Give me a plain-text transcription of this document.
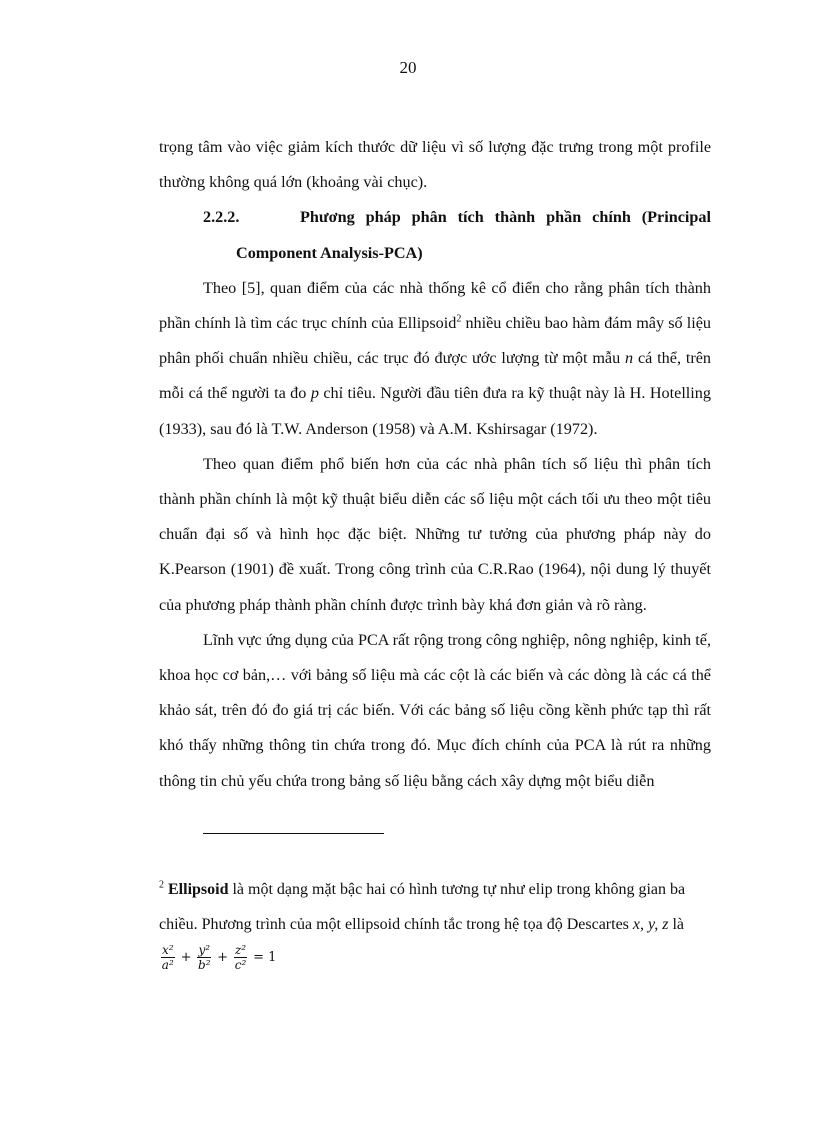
20

trọng tâm vào việc giảm kích thước dữ liệu vì số lượng đặc trưng trong một profile thường không quá lớn (khoảng vài chục).

2.2.2.	Phương pháp phân tích thành phần chính (Principal
Component Analysis-PCA)

Theo [5], quan điểm của các nhà thống kê cổ điển cho rằng phân tích thành phần chính là tìm các trục chính của Ellipsoid$^2$ nhiều chiều bao hàm đám mây số liệu phân phối chuẩn nhiều chiều, các trục đó được ước lượng từ một mẫu n cá thể, trên mỗi cá thể người ta đo p chỉ tiêu. Người đầu tiên đưa ra kỹ thuật này là H. Hotelling (1933), sau đó là T.W. Anderson (1958) và A.M. Kshirsagar (1972).

Theo quan điểm phổ biến hơn của các nhà phân tích số liệu thì phân tích thành phần chính là một kỹ thuật biểu diễn các số liệu một cách tối ưu theo một tiêu chuẩn đại số và hình học đặc biệt. Những tư tưởng của phương pháp này do K.Pearson (1901) đề xuất. Trong công trình của C.R.Rao (1964), nội dung lý thuyết của phương pháp thành phần chính được trình bày khá đơn giản và rõ ràng.

Lĩnh vực ứng dụng của PCA rất rộng trong công nghiệp, nông nghiệp, kinh tế, khoa học cơ bản,… với bảng số liệu mà các cột là các biến và các dòng là các cá thể khảo sát, trên đó đo giá trị các biến. Với các bảng số liệu cồng kềnh phức tạp thì rất khó thấy những thông tin chứa trong đó. Mục đích chính của PCA là rút ra những thông tin chủ yếu chứa trong bảng số liệu bằng cách xây dựng một biểu diễn

$^2$ Ellipsoid là một dạng mặt bậc hai có hình tương tự như elip trong không gian ba chiều. Phương trình của một ellipsoid chính tắc trong hệ tọa độ Descartes x, y, z là

$\frac{\text{x²}}{\text{a²}} + \frac{\text{y²}}{\text{b²}} + \frac{\text{z²}}{\text{c²}} = 1$
